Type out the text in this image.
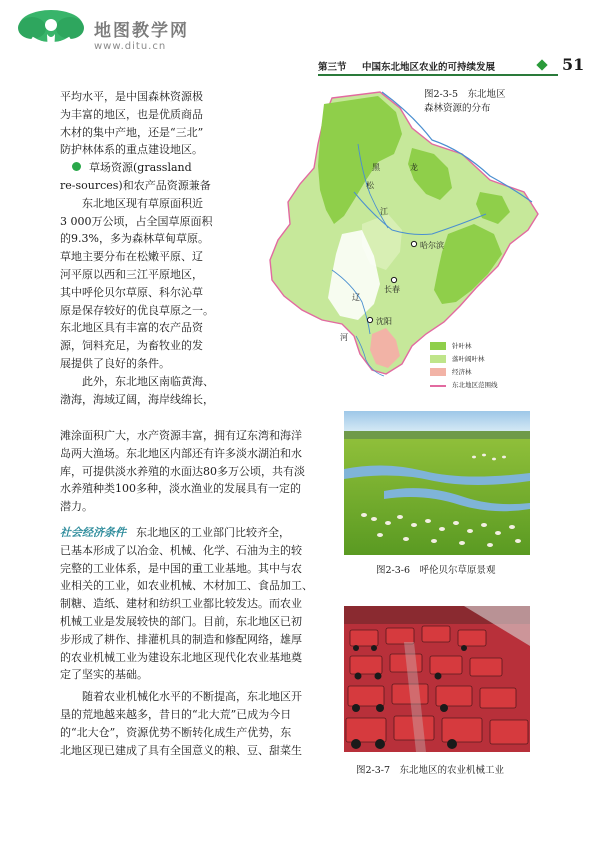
地图教学网
www.ditu.cn
第三节 中国东北地区农业的可持续发展	51
平均水平，是中国森林资源极
为丰富的地区，也是优质商品
木材的集中产地，还是“三北”
防护林体系的重点建设地区。
草场资源(grassland
re-sources)和农产品资源兼备
东北地区现有草原面积近
3 000万公顷，占全国草原面积
的9.3%，多为森林草甸草原。
草地主要分布在松嫩平原、辽
河平原以西和三江平原地区，
其中呼伦贝尔草原、科尔沁草
原是保存较好的优良草原之一。
东北地区具有丰富的农产品资
源，饲料充足，为畜牧业的发
展提供了良好的条件。
此外，东北地区南临黄海、
渤海，海域辽阔，海岸线绵长，
滩涂面积广大，水产资源丰富，拥有辽东湾和海洋
岛两大渔场。东北地区内部还有许多淡水湖泊和水
库，可提供淡水养殖的水面达80多万公顷，共有淡
水养殖种类100多种，淡水渔业的发展具有一定的
潜力。
社会经济条件 东北地区的工业部门比较齐全，
已基本形成了以冶金、机械、化学、石油为主的较
完整的工业体系，是中国的重工业基地。其中与农
业相关的工业，如农业机械、木材加工、食品加工、
制糖、造纸、建材和纺织工业都比较发达。而农业
机械工业是发展较快的部门。目前，东北地区已初
步形成了耕作、排灌机具的制造和修配网络，雄厚
的农业机械工业为建设东北地区现代化农业基地奠
定了坚实的基础。
随着农业机械化水平的不断提高，东北地区开
垦的荒地越来越多，昔日的“北大荒”已成为今日
的“北大仓”，资源优势不断转化成生产优势，东
北地区现已建成了具有全国意义的粮、豆、甜菜生
黑	龙
江
松
哈尔滨
长春
沈阳
辽
河
图2-3-5　东北地区
森林资源的分布
针叶林
落叶阔叶林
经济林
东北地区范围线
图2-3-6　呼伦贝尔草原景观
图2-3-7　东北地区的农业机械工业
